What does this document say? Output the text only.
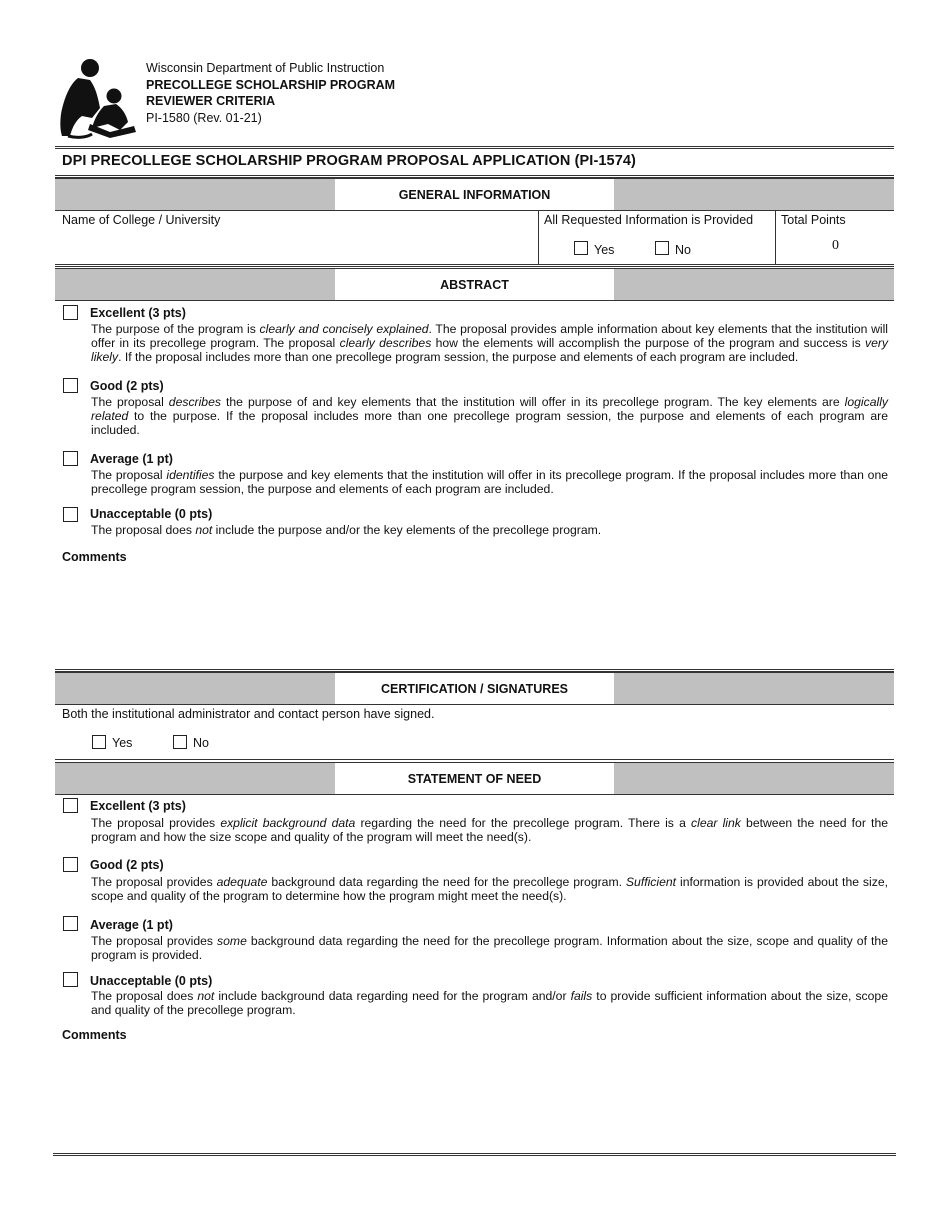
Wisconsin Department of Public Instruction
PRECOLLEGE SCHOLARSHIP PROGRAM
REVIEWER CRITERIA
PI-1580 (Rev. 01-21)
DPI PRECOLLEGE SCHOLARSHIP PROGRAM PROPOSAL APPLICATION (PI-1574)
GENERAL INFORMATION
Name of College / University	All Requested Information is Provided
Yes	No
Total Points
0
ABSTRACT
Excellent (3 pts)
The purpose of the program is clearly and concisely explained. The proposal provides ample information about key elements that the institution will offer in its precollege program. The proposal clearly describes how the elements will accomplish the purpose of the program and success is very likely. If the proposal includes more than one precollege program session, the purpose and elements of each program are included.
Good (2 pts)
The proposal describes the purpose of and key elements that the institution will offer in its precollege program. The key elements are logically related to the purpose. If the proposal includes more than one precollege program session, the purpose and elements of each program are included.
Average (1 pt)
The proposal identifies the purpose and key elements that the institution will offer in its precollege program. If the proposal includes more than one precollege program session, the purpose and elements of each program are included.
Unacceptable (0 pts)
The proposal does not include the purpose and/or the key elements of the precollege program.
Comments
CERTIFICATION / SIGNATURES
Both the institutional administrator and contact person have signed.
Yes	No
STATEMENT OF NEED
Excellent (3 pts)
The proposal provides explicit background data regarding the need for the precollege program. There is a clear link between the need for the program and how the size scope and quality of the program will meet the need(s).
Good (2 pts)
The proposal provides adequate background data regarding the need for the precollege program. Sufficient information is provided about the size, scope and quality of the program to determine how the program might meet the need(s).
Average (1 pt)
The proposal provides some background data regarding the need for the precollege program. Information about the size, scope and quality of the program is provided.
Unacceptable (0 pts)
The proposal does not include background data regarding need for the program and/or fails to provide sufficient information about the size, scope and quality of the precollege program.
Comments
